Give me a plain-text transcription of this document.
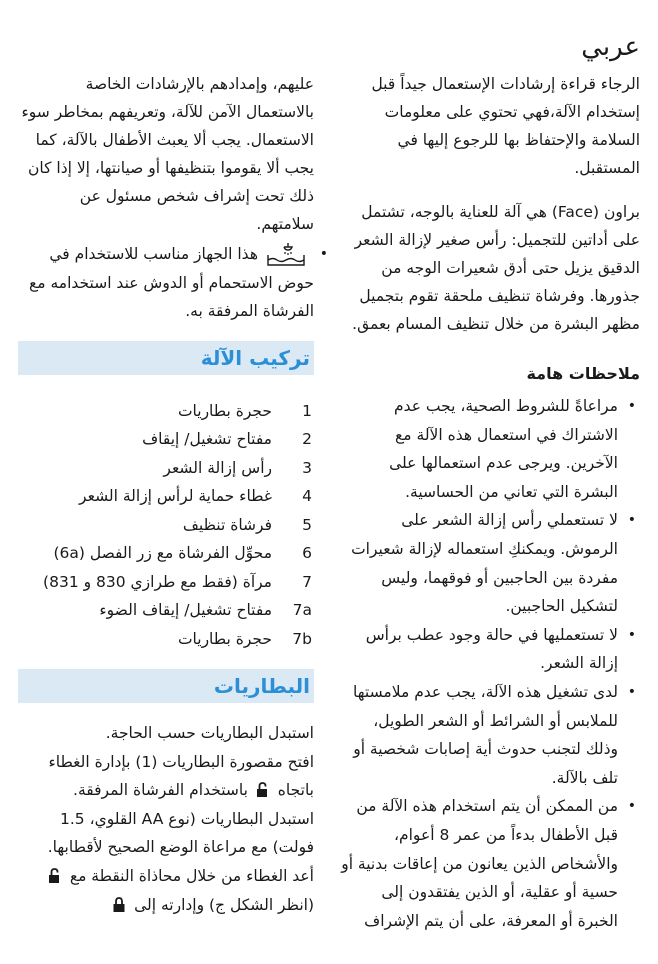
عربي

الرجاء قراءة إرشادات الإستعمال جيداً قبل إستخدام الآلة،فهي تحتوي على معلومات السلامة والإحتفاظ بها للرجوع إليها في المستقبل.

براون (Face) هي آلة للعناية بالوجه، تشتمل على أداتين للتجميل: رأس صغير لإزالة الشعر الدقيق يزيل حتى أدق شعيرات الوجه من جذورها. وفرشاة تنظيف ملحقة تقوم بتجميل مظهر البشرة من خلال تنظيف المسام بعمق.

ملاحظات هامة
•
مراعاةً للشروط الصحية، يجب عدم الاشتراك في استعمال هذه الآلة مع الآخرين. ويرجى عدم استعمالها على البشرة التي تعاني من الحساسية.
•
لا تستعملي رأس إزالة الشعر على الرموش. ويمكنكِ استعماله لإزالة شعيرات مفردة بين الحاجبين أو فوقهما، وليس لتشكيل الحاجبين.
•
لا تستعمليها في حالة وجود عطب برأس إزالة الشعر.
•
لدى تشغيل هذه الآلة، يجب عدم ملامستها للملابس أو الشرائط أو الشعر الطويل، وذلك لتجنب حدوث أية إصابات شخصية أو تلف بالآلة.
•
من الممكن أن يتم استخدام هذه الآلة من قبل الأطفال بدءاً من عمر 8 أعوام، والأشخاص الذين يعانون من إعاقات بدنية أو حسية أو عقلية، أو الذين يفتقدون إلى الخبرة أو المعرفة، على أن يتم الإشراف

عليهم، وإمدادهم بالإرشادات الخاصة بالاستعمال الآمن للآلة، وتعريفهم بمخاطر سوء الاستعمال. يجب ألا يعبث الأطفال بالآلة، كما يجب ألا يقوموا بتنظيفها أو صيانتها، إلا إذا كان ذلك تحت إشراف شخص مسئول عن سلامتهم.

•
هذا الجهاز مناسب للاستخدام في حوض الاستحمام أو الدوش عند استخدامه مع الفرشاة المرفقة به.
تركيب الآلة
1
حجرة بطاريات
2
مفتاح تشغيل/ إيقاف
3
رأس إزالة الشعر
4
غطاء حماية لرأس إزالة الشعر
5
فرشاة تنظيف
6
محوِّل الفرشاة مع زر الفصل (6a)
7
مرآة (فقط مع طرازي 830 و 831)
7a
مفتاح تشغيل/ إيقاف الضوء
7b
حجرة بطاريات
البطاريات

استبدل البطاريات حسب الحاجة.

افتح مقصورة البطاريات (1) بإدارة الغطاء باتجاه  باستخدام الفرشاة المرفقة.

استبدل البطاريات (نوع AA القلوي، 1.5 فولت) مع مراعاة الوضع الصحيح لأقطابها.

أعد الغطاء من خلال محاذاة النقطة مع  (انظر الشكل ج) وإدارته إلى
